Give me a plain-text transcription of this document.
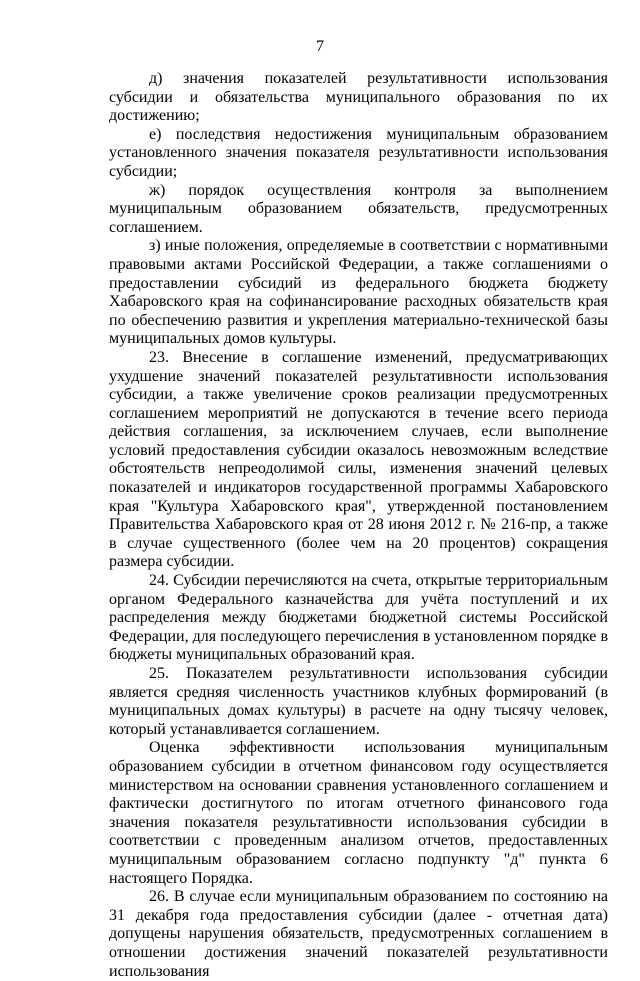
7

д) значения показателей результативности использования субсидии и обязательства муниципального образования по их достижению;

е) последствия недостижения муниципальным образованием установленного значения показателя результативности использования субсидии;

ж) порядок осуществления контроля за выполнением муниципальным образованием обязательств, предусмотренных соглашением.

з) иные положения, определяемые в соответствии с нормативными правовыми актами Российской Федерации, а также соглашениями о предоставлении субсидий из федерального бюджета бюджету Хабаровского края на софинансирование расходных обязательств края по обеспечению развития и укрепления материально-технической базы муниципальных домов культуры.

23. Внесение в соглашение изменений, предусматривающих ухудшение значений показателей результативности использования субсидии, а также увеличение сроков реализации предусмотренных соглашением мероприятий не допускаются в течение всего периода действия соглашения, за исключением случаев, если выполнение условий предоставления субсидии оказалось невозможным вследствие обстоятельств непреодолимой силы, изменения значений целевых показателей и индикаторов государственной программы Хабаровского края "Культура Хабаровского края", утвержденной постановлением Правительства Хабаровского края от 28 июня 2012 г. № 216-пр, а также в случае существенного (более чем на 20 процентов) сокращения размера субсидии.

24. Субсидии перечисляются на счета, открытые территориальным органом Федерального казначейства для учёта поступлений и их распределения между бюджетами бюджетной системы Российской Федерации, для последующего перечисления в установленном порядке в бюджеты муниципальных образований края.

25. Показателем результативности использования субсидии является средняя численность участников клубных формирований (в муниципальных домах культуры) в расчете на одну тысячу человек, который устанавливается соглашением.

Оценка эффективности использования муниципальным образованием субсидии в отчетном финансовом году осуществляется министерством на основании сравнения установленного соглашением и фактически достигнутого по итогам отчетного финансового года значения показателя результативности использования субсидии в соответствии с проведенным анализом отчетов, предоставленных муниципальным образованием согласно подпункту "д" пункта 6 настоящего Порядка.

26. В случае если муниципальным образованием по состоянию на 31 декабря года предоставления субсидии (далее - отчетная дата) допущены нарушения обязательств, предусмотренных соглашением в отношении достижения значений показателей результативности использования
